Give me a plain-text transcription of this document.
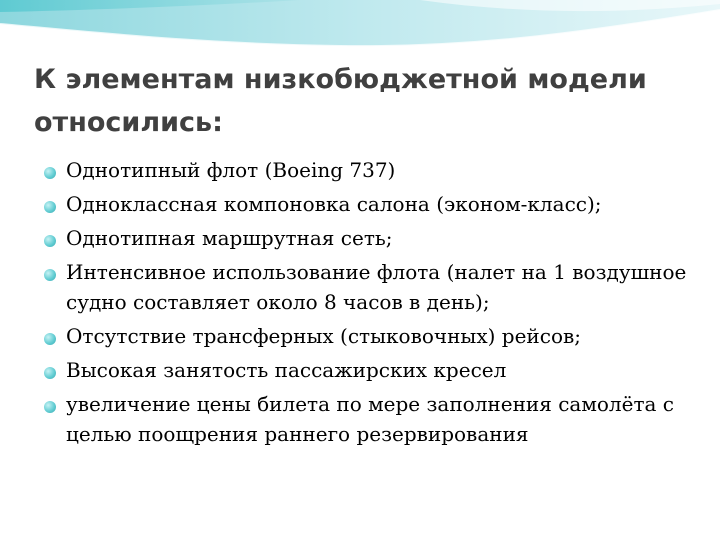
К элементам низкобюджетной модели относились:
Однотипный флот (Boeing 737)
Одноклассная компоновка салона (эконом-класс);
Однотипная маршрутная сеть;
Интенсивное использование флота (налет на 1 воздушное судно составляет около 8 часов в день);
Отсутствие трансферных (стыковочных) рейсов;
Высокая занятость пассажирских кресел
увеличение цены билета по мере заполнения самолёта с целью поощрения раннего резервирования
